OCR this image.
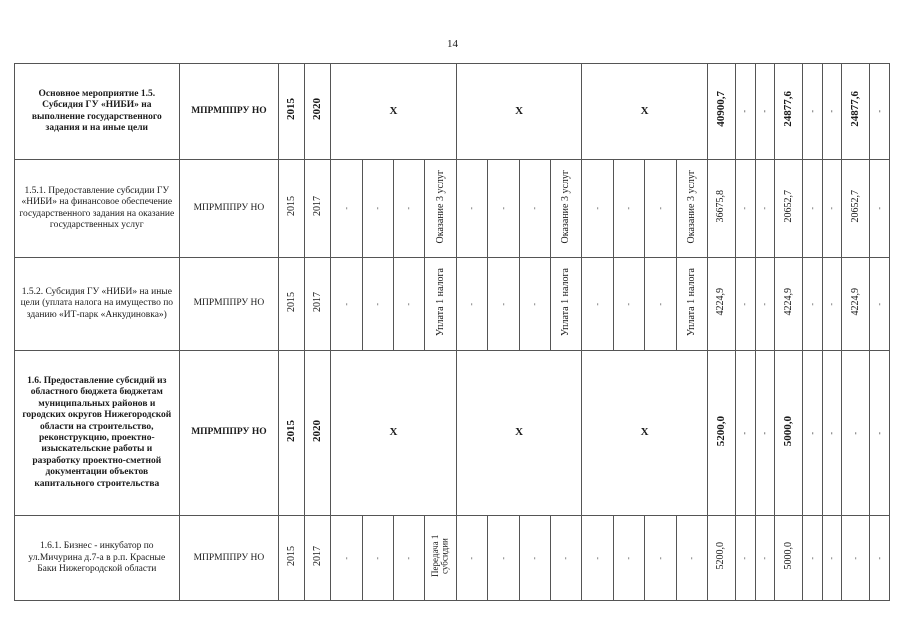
14
Основное мероприятие 1.5. Субсидия ГУ «НИБИ» на выполнение государственного задания и на иные цели	МПРМППРУ НО	2015	2020	Х				Х				Х				40900,7	-	-	24877,6	-	-	24877,6	-
1.5.1. Предоставление субсидии ГУ «НИБИ» на финансовое обеспечение государственного задания на оказание государственных услуг	МПРМППРУ НО	2015	2017	-	-	-	Оказание 3 услуг	-	-	-	Оказание 3 услуг	-	-	-	Оказание 3 услуг	36675,8	-	-	20652,7	-	-	20652,7	-
1.5.2. Субсидия ГУ «НИБИ» на иные цели (уплата налога на имущество по зданию «ИТ-парк «Анкудиновка»)	МПРМППРУ НО	2015	2017	-	-	-	Уплата 1 налога	-	-	-	Уплата 1 налога	-	-	-	Уплата 1 налога	4224,9	-	-	4224,9	-	-	4224,9	-
1.6. Предоставление субсидий из областного бюджета бюджетам муниципальных районов и городских округов Нижегородской области на строительство, реконструкцию, проектно-изыскательские работы и разработку проектно-сметной документации объектов капитального строительства	МПРМППРУ НО	2015	2020	Х				Х				Х				5200,0	-	-	5000,0	-	-	-	-
1.6.1. Бизнес - инкубатор по ул.Мичурина д.7-а в р.п. Красные Баки Нижегородской области	МПРМППРУ НО	2015	2017	-	-	-	Передача 1 субсидии	-	-	-	-	-	-	-	-	5200,0	-	-	5000,0	-	-	-	-
